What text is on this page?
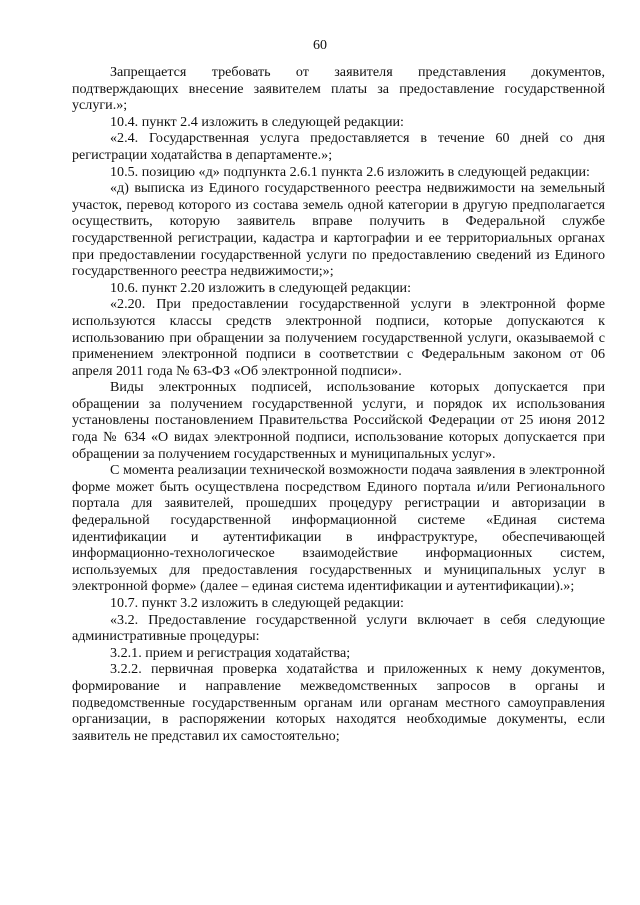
60

Запрещается требовать от заявителя представления документов, подтверждающих внесение заявителем платы за предоставление государственной услуги.»;

10.4. пункт 2.4 изложить в следующей редакции:

«2.4. Государственная услуга предоставляется в течение 60 дней со дня регистрации ходатайства в департаменте.»;

10.5. позицию «д» подпункта 2.6.1 пункта 2.6 изложить в следующей редакции:

«д) выписка из Единого государственного реестра недвижимости на земельный участок, перевод которого из состава земель одной категории в другую предполагается осуществить, которую заявитель вправе получить в Федеральной службе государственной регистрации, кадастра и картографии и ее территориальных органах при предоставлении государственной услуги по предоставлению сведений из Единого государственного реестра недвижимости;»;

10.6. пункт 2.20 изложить в следующей редакции:

«2.20. При предоставлении государственной услуги в электронной форме используются классы средств электронной подписи, которые допускаются к использованию при обращении за получением государственной услуги, оказываемой с применением электронной подписи в соответствии с Федеральным законом от 06 апреля 2011 года № 63-ФЗ «Об электронной подписи».

Виды электронных подписей, использование которых допускается при обращении за получением государственной услуги, и порядок их использования установлены постановлением Правительства Российской Федерации от 25 июня 2012 года № 634 «О видах электронной подписи, использование которых допускается при обращении за получением государственных и муниципальных услуг».

С момента реализации технической возможности подача заявления в электронной форме может быть осуществлена посредством Единого портала и/или Регионального портала для заявителей, прошедших процедуру регистрации и авторизации в федеральной государственной информационной системе «Единая система идентификации и аутентификации в инфраструктуре, обеспечивающей информационно-технологическое взаимодействие информационных систем, используемых для предоставления государственных и муниципальных услуг в электронной форме» (далее – единая система идентификации и аутентификации).»;

10.7. пункт 3.2 изложить в следующей редакции:

«3.2. Предоставление государственной услуги включает в себя следующие административные процедуры:

3.2.1. прием и регистрация ходатайства;

3.2.2. первичная проверка ходатайства и приложенных к нему документов, формирование и направление межведомственных запросов в органы и подведомственные государственным органам или органам местного самоуправления организации, в распоряжении которых находятся необходимые документы, если заявитель не представил их самостоятельно;
